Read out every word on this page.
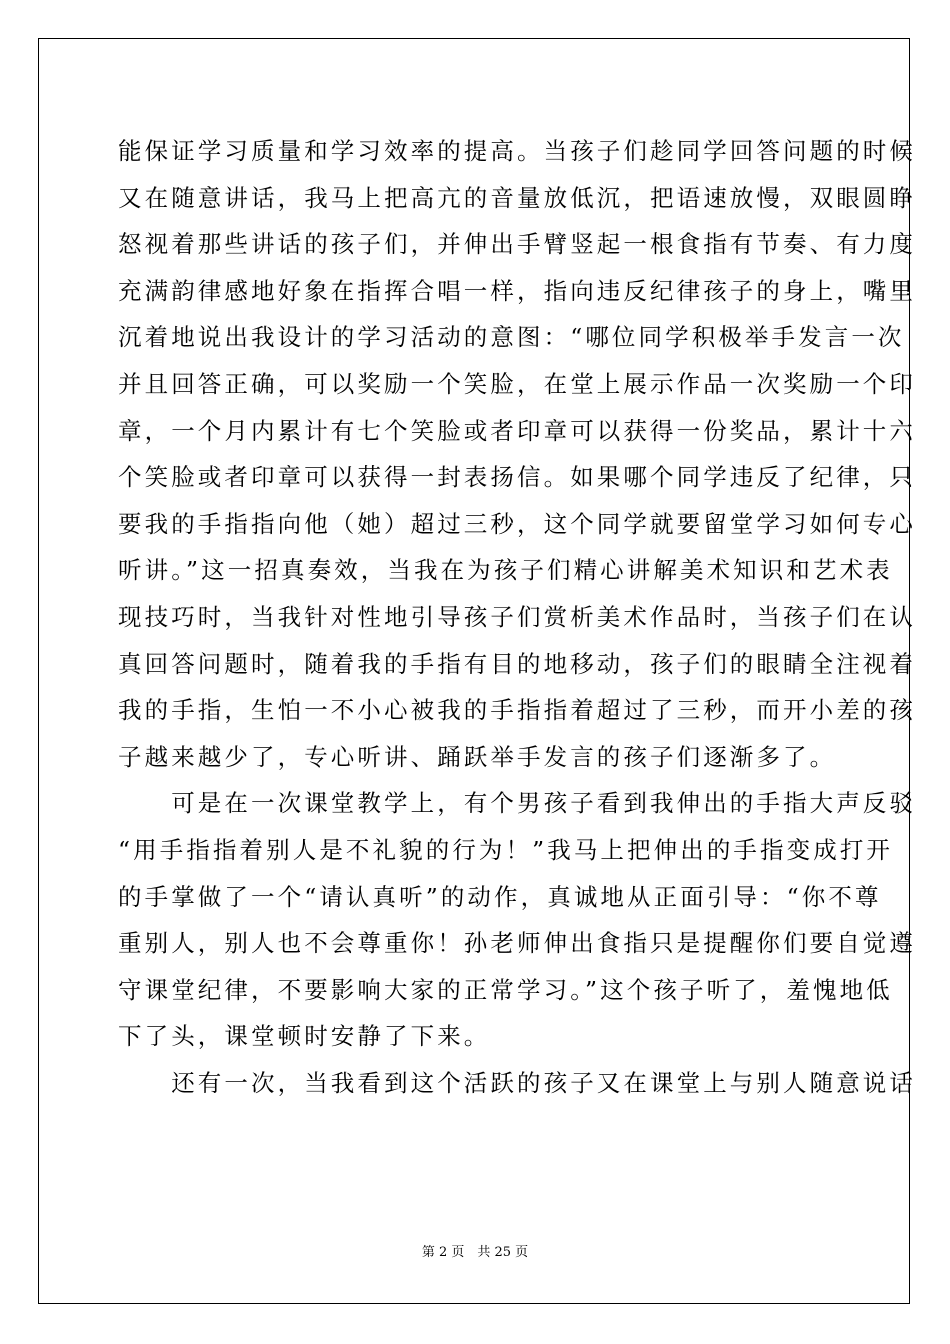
能保证学习质量和学习效率的提高。当孩子们趁同学回答问题的时候
又在随意讲话，我马上把高亢的音量放低沉，把语速放慢，双眼圆睁
怒视着那些讲话的孩子们，并伸出手臂竖起一根食指有节奏、有力度
充满韵律感地好象在指挥合唱一样，指向违反纪律孩子的身上，嘴里
沉着地说出我设计的学习活动的意图：“哪位同学积极举手发言一次
并且回答正确，可以奖励一个笑脸，在堂上展示作品一次奖励一个印
章，一个月内累计有七个笑脸或者印章可以获得一份奖品，累计十六
个笑脸或者印章可以获得一封表扬信。如果哪个同学违反了纪律，只
要我的手指指向他（她）超过三秒，这个同学就要留堂学习如何专心
听讲。”这一招真奏效，当我在为孩子们精心讲解美术知识和艺术表
现技巧时，当我针对性地引导孩子们赏析美术作品时，当孩子们在认
真回答问题时，随着我的手指有目的地移动，孩子们的眼睛全注视着
我的手指，生怕一不小心被我的手指指着超过了三秒，而开小差的孩
子越来越少了，专心听讲、踊跃举手发言的孩子们逐渐多了。
　　可是在一次课堂教学上，有个男孩子看到我伸出的手指大声反驳
“用手指指着别人是不礼貌的行为！”我马上把伸出的手指变成打开
的手掌做了一个“请认真听”的动作，真诚地从正面引导：“你不尊
重别人，别人也不会尊重你！孙老师伸出食指只是提醒你们要自觉遵
守课堂纪律，不要影响大家的正常学习。”这个孩子听了，羞愧地低
下了头，课堂顿时安静了下来。
　　还有一次，当我看到这个活跃的孩子又在课堂上与别人随意说话
第 2 页　共 25 页
